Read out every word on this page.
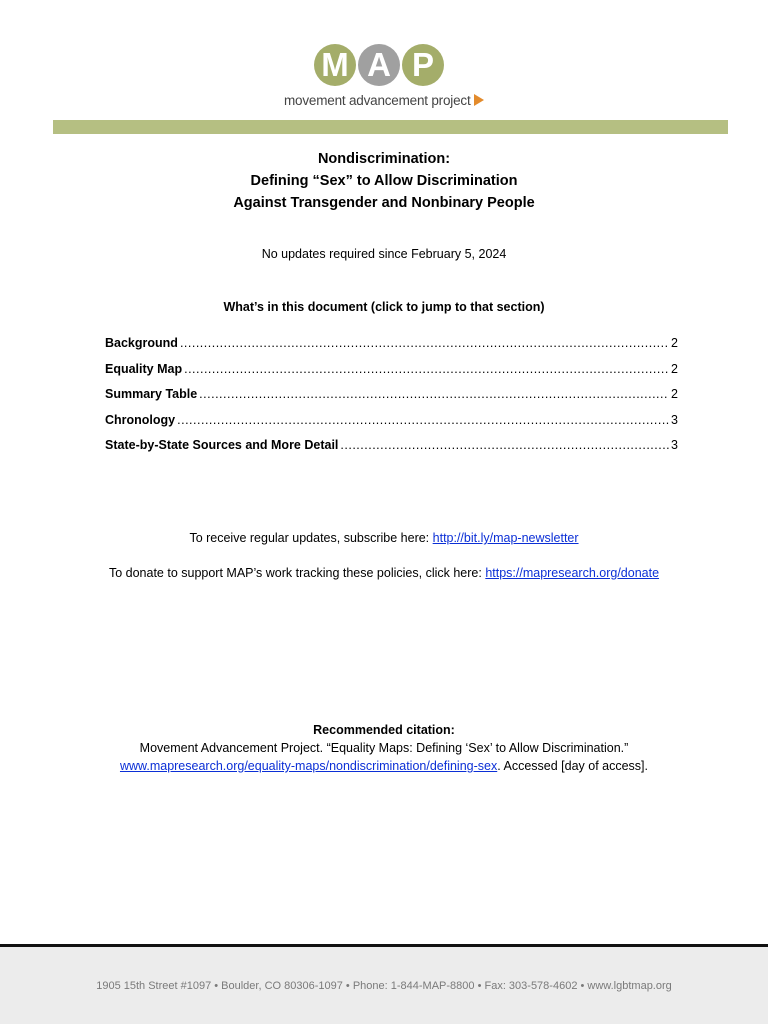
M A P
movement advancement project
Nondiscrimination:
Defining “Sex” to Allow Discrimination
Against Transgender and Nonbinary People
No updates required since February 5, 2024
What’s in this document (click to jump to that section)
Background .....	2
Equality Map .....	2
Summary Table .....	2
Chronology .....	3
State-by-State Sources and More Detail .....	3
To receive regular updates, subscribe here: http://bit.ly/map-newsletter
To donate to support MAP’s work tracking these policies, click here: https://mapresearch.org/donate
Recommended citation:
Movement Advancement Project. “Equality Maps: Defining ‘Sex’ to Allow Discrimination.”
www.mapresearch.org/equality-maps/nondiscrimination/defining-sex. Accessed [day of access].
1905 15th Street #1097 • Boulder, CO 80306-1097 • Phone: 1-844-MAP-8800 • Fax: 303-578-4602 • www.lgbtmap.org
